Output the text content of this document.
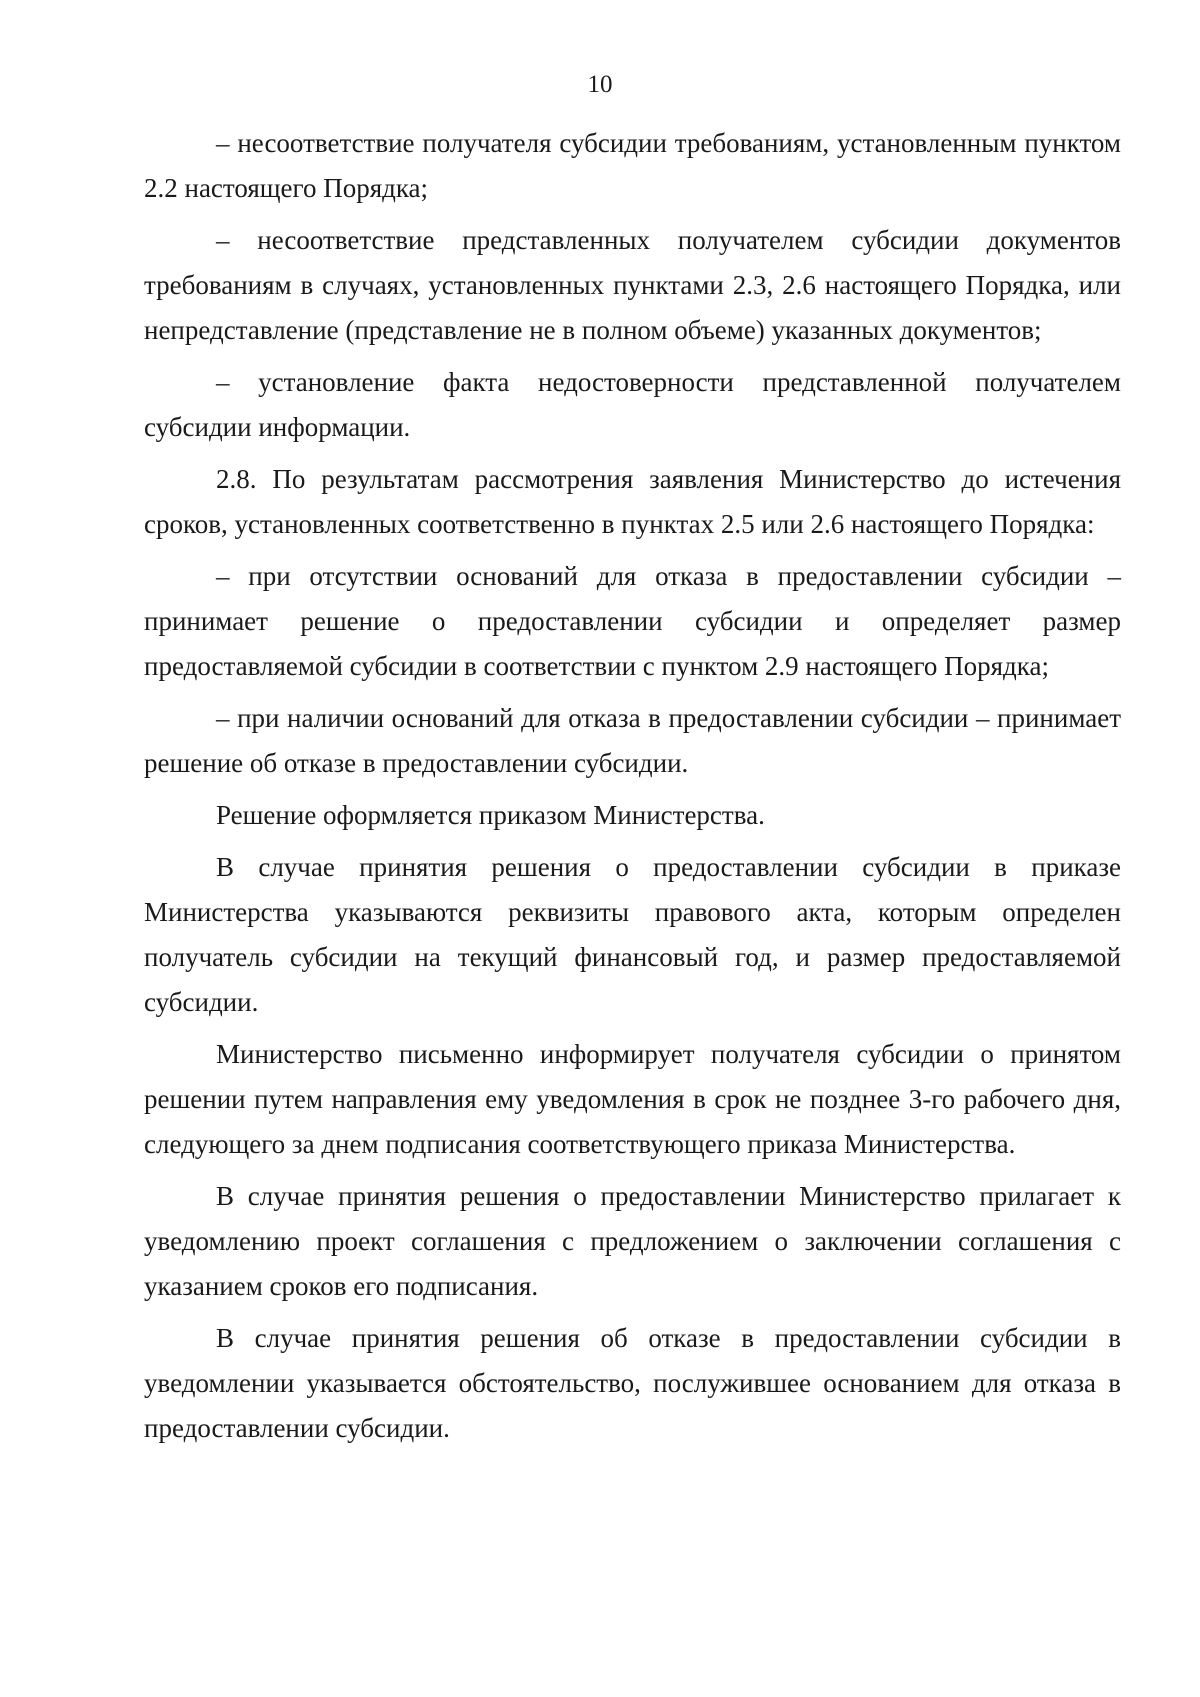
10

– несоответствие получателя субсидии требованиям, установленным пунктом 2.2 настоящего Порядка;

– несоответствие представленных получателем субсидии документов требованиям в случаях, установленных пунктами 2.3, 2.6 настоящего Порядка, или непредставление (представление не в полном объеме) указанных документов;

– установление факта недостоверности представленной получателем субсидии информации.

2.8. По результатам рассмотрения заявления Министерство до истечения сроков, установленных соответственно в пунктах 2.5 или 2.6 настоящего Порядка:

– при отсутствии оснований для отказа в предоставлении субсидии – принимает решение о предоставлении субсидии и определяет размер предоставляемой субсидии в соответствии с пунктом 2.9 настоящего Порядка;

– при наличии оснований для отказа в предоставлении субсидии – принимает решение об отказе в предоставлении субсидии.

Решение оформляется приказом Министерства.

В случае принятия решения о предоставлении субсидии в приказе Министерства указываются реквизиты правового акта, которым определен получатель субсидии на текущий финансовый год, и размер предоставляемой субсидии.

Министерство письменно информирует получателя субсидии о принятом решении путем направления ему уведомления в срок не позднее 3-го рабочего дня, следующего за днем подписания соответствующего приказа Министерства.

В случае принятия решения о предоставлении Министерство прилагает к уведомлению проект соглашения с предложением о заключении соглашения с указанием сроков его подписания.

В случае принятия решения об отказе в предоставлении субсидии в уведомлении указывается обстоятельство, послужившее основанием для отказа в предоставлении субсидии.
